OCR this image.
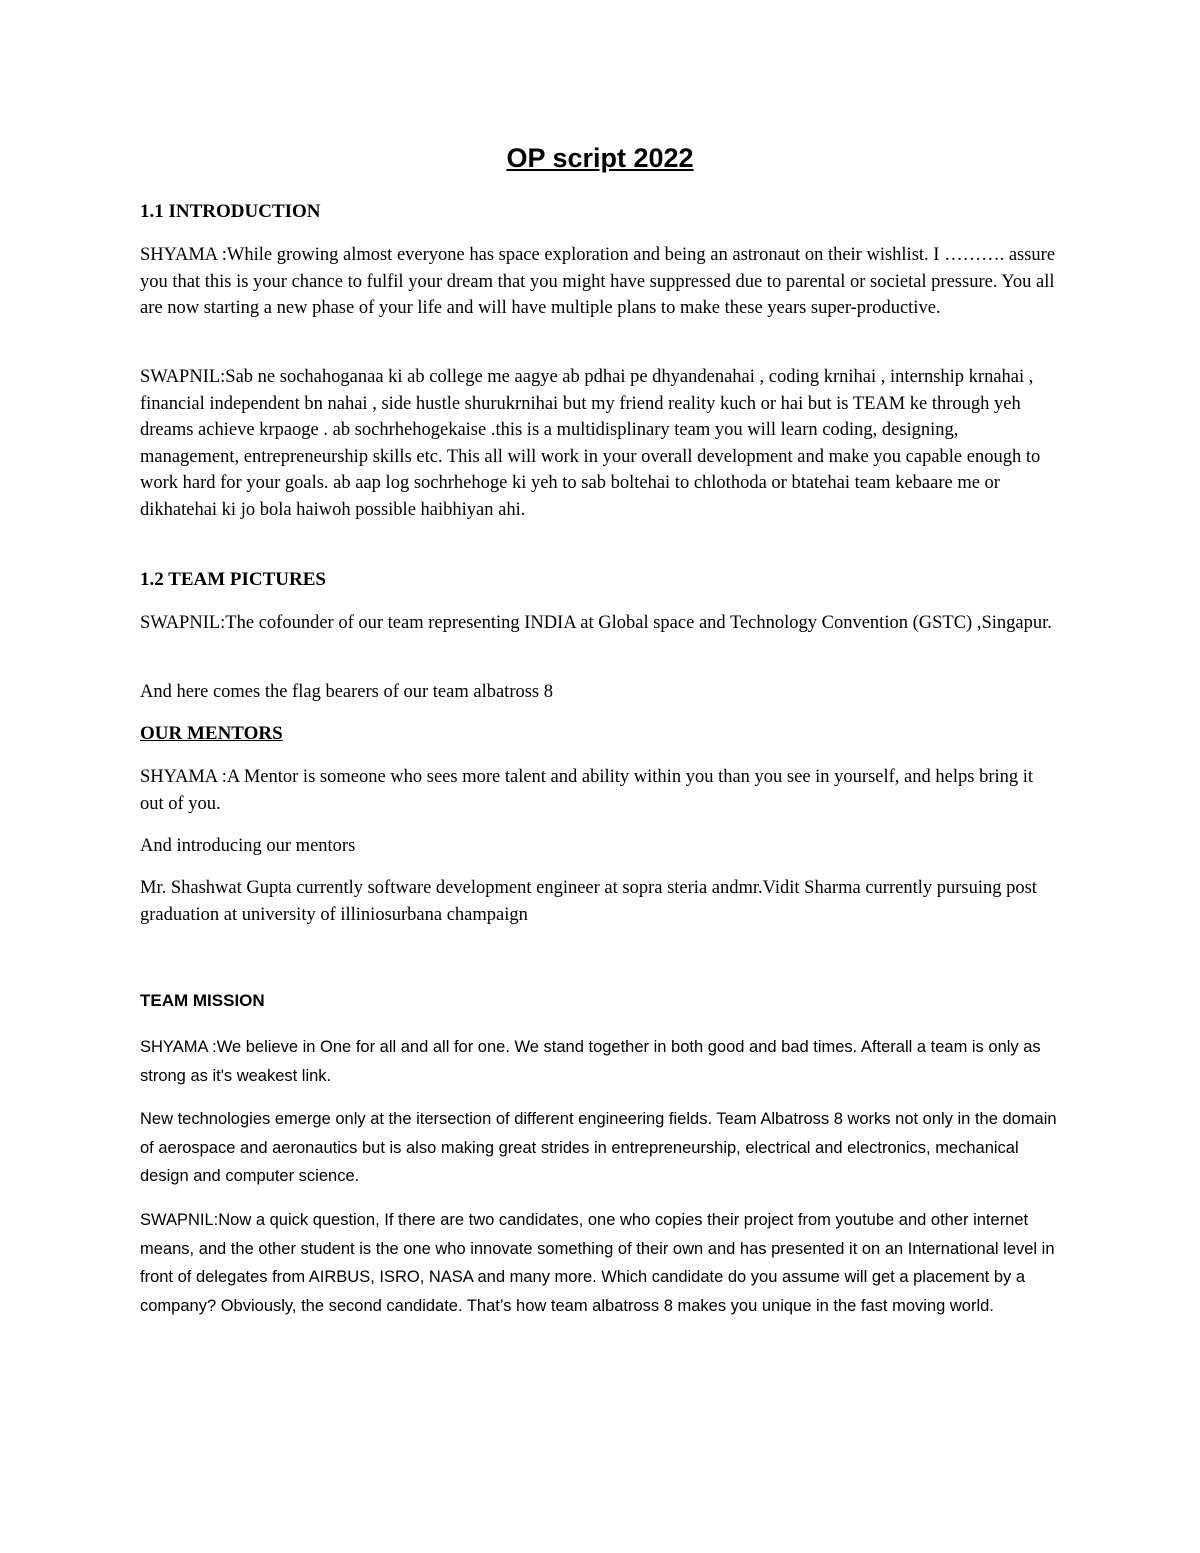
OP script 2022
1.1 INTRODUCTION

SHYAMA :While growing almost everyone has space exploration and being an astronaut on their wishlist. I ………. assure you that this is your chance to fulfil your dream that you might have suppressed due to parental or societal pressure. You all are now starting a new phase of your life and will have multiple plans to make these years super-productive.

SWAPNIL:Sab ne sochahoganaa ki ab college me aagye ab pdhai pe dhyandenahai , coding krnihai , internship krnahai , financial independent bn nahai , side hustle shurukrnihai but my friend reality kuch or hai but is TEAM ke through yeh dreams achieve krpaoge . ab sochrhehogekaise .this is a multidisplinary team you will learn coding, designing, management, entrepreneurship skills etc. This all will work in your overall development and make you capable enough to work hard for your goals. ab aap log sochrhehoge ki yeh to sab boltehai to chlothoda or btatehai team kebaare me or dikhatehai ki jo bola haiwoh possible haibhiyan ahi.

1.2 TEAM PICTURES

SWAPNIL:The cofounder of our team representing INDIA at Global space and Technology Convention (GSTC) ,Singapur.

And here comes the flag bearers of our team albatross 8

OUR MENTORS

SHYAMA :A Mentor is someone who sees more talent and ability within you than you see in yourself, and helps bring it out of you.

And introducing our mentors

Mr. Shashwat Gupta currently software development engineer at sopra steria andmr.Vidit Sharma currently pursuing post graduation at university of illiniosurbana champaign

TEAM MISSION

SHYAMA :We believe in One for all and all for one. We stand together in both good and bad times. Afterall a team is only as strong as it's weakest link.

New technologies emerge only at the itersection of different engineering fields. Team Albatross 8 works not only in the domain of aerospace and aeronautics but is also making great strides in entrepreneurship, electrical and electronics, mechanical design and computer science.

SWAPNIL:Now a quick question, If there are two candidates, one who copies their project from youtube and other internet means, and the other student is the one who innovate something of their own and has presented it on an International level in front of delegates from AIRBUS, ISRO, NASA and many more. Which candidate do you assume will get a placement by a company? Obviously, the second candidate. That’s how team albatross 8 makes you unique in the fast moving world.
